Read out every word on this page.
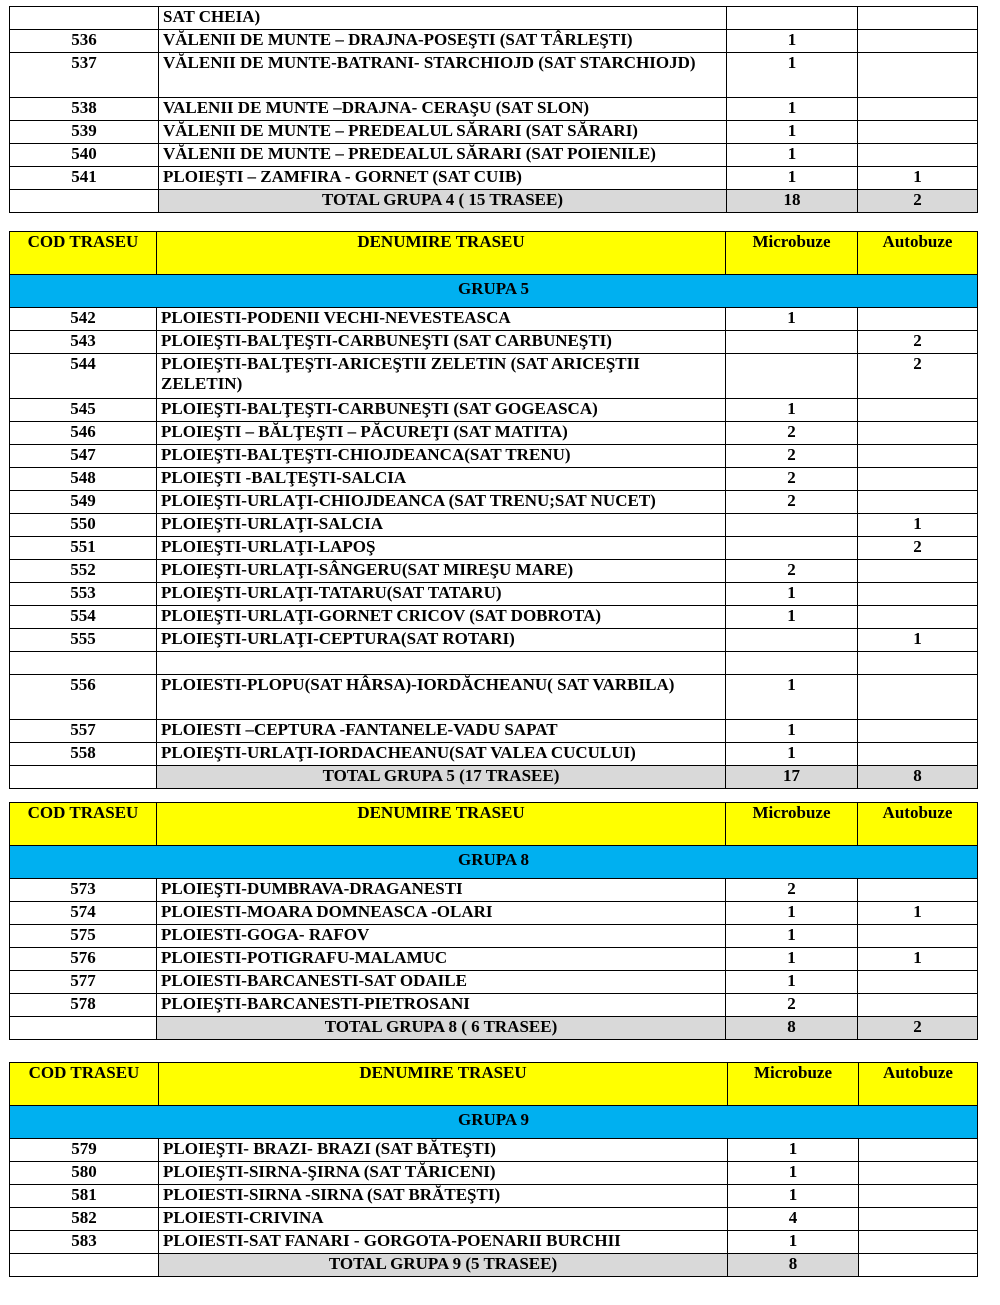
	SAT CHEIA)		
536	VĂLENII DE MUNTE – DRAJNA-POSEŞTI (SAT TÂRLEŞTI)	1	
537	VĂLENII DE MUNTE-BATRANI- STARCHIOJD (SAT STARCHIOJD)	1	
538	VALENII DE MUNTE –DRAJNA- CERAŞU (SAT SLON)	1	
539	VĂLENII DE MUNTE – PREDEALUL SĂRARI (SAT SĂRARI)	1	
540	VĂLENII DE MUNTE – PREDEALUL SĂRARI (SAT POIENILE)	1	
541	PLOIEŞTI – ZAMFIRA - GORNET (SAT CUIB)	1	1
	TOTAL GRUPA 4 ( 15 TRASEE)	18	2
COD TRASEU	DENUMIRE TRASEU	Microbuze	Autobuze
GRUPA 5			
542	PLOIESTI-PODENII VECHI-NEVESTEASCA	1	
543	PLOIEŞTI-BALŢEŞTI-CARBUNEŞTI (SAT CARBUNEŞTI)		2
544	PLOIEŞTI-BALŢEŞTI-ARICEŞTII ZELETIN (SAT ARICEŞTII ZELETIN)		2
545	PLOIEŞTI-BALŢEŞTI-CARBUNEŞTI (SAT GOGEASCA)	1	
546	PLOIEŞTI – BĂLŢEŞTI – PĂCUREŢI (SAT MATITA)	2	
547	PLOIEŞTI-BALŢEŞTI-CHIOJDEANCA(SAT TRENU)	2	
548	PLOIEŞTI -BALŢEŞTI-SALCIA	2	
549	PLOIEŞTI-URLAŢI-CHIOJDEANCA (SAT TRENU;SAT NUCET)	2	
550	PLOIEŞTI-URLAŢI-SALCIA		1
551	PLOIEŞTI-URLAŢI-LAPOŞ		2
552	PLOIEŞTI-URLAŢI-SÂNGERU(SAT MIREŞU MARE)	2	
553	PLOIEŞTI-URLAŢI-TATARU(SAT TATARU)	1	
554	PLOIEŞTI-URLAŢI-GORNET CRICOV (SAT DOBROTA)	1	
555	PLOIEŞTI-URLAŢI-CEPTURA(SAT ROTARI)		1

556	PLOIESTI-PLOPU(SAT HÂRSA)-IORDĂCHEANU( SAT VARBILA)	1	
557	PLOIESTI –CEPTURA -FANTANELE-VADU SAPAT	1	
558	PLOIEŞTI-URLAŢI-IORDACHEANU(SAT VALEA CUCULUI)	1	
	TOTAL GRUPA 5 (17 TRASEE)	17	8
COD TRASEU	DENUMIRE TRASEU	Microbuze	Autobuze
GRUPA 8			
573	PLOIEŞTI-DUMBRAVA-DRAGANESTI	2	
574	PLOIESTI-MOARA DOMNEASCA -OLARI	1	1
575	PLOIESTI-GOGA- RAFOV	1	
576	PLOIESTI-POTIGRAFU-MALAMUC	1	1
577	PLOIESTI-BARCANESTI-SAT ODAILE	1	
578	PLOIEŞTI-BARCANESTI-PIETROSANI	2	
	TOTAL GRUPA 8 ( 6 TRASEE)	8	2
COD TRASEU	DENUMIRE TRASEU	Microbuze	Autobuze
GRUPA 9			
579	PLOIEŞTI- BRAZI- BRAZI (SAT BĂTEŞTI)	1	
580	PLOIEŞTI-SIRNA-ŞIRNA (SAT TĂRICENI)	1	
581	PLOIESTI-SIRNA -SIRNA (SAT BRĂTEŞTI)	1	
582	PLOIESTI-CRIVINA	4	
583	PLOIESTI-SAT FANARI - GORGOTA-POENARII BURCHII	1	
	TOTAL GRUPA 9 (5 TRASEE)	8	
